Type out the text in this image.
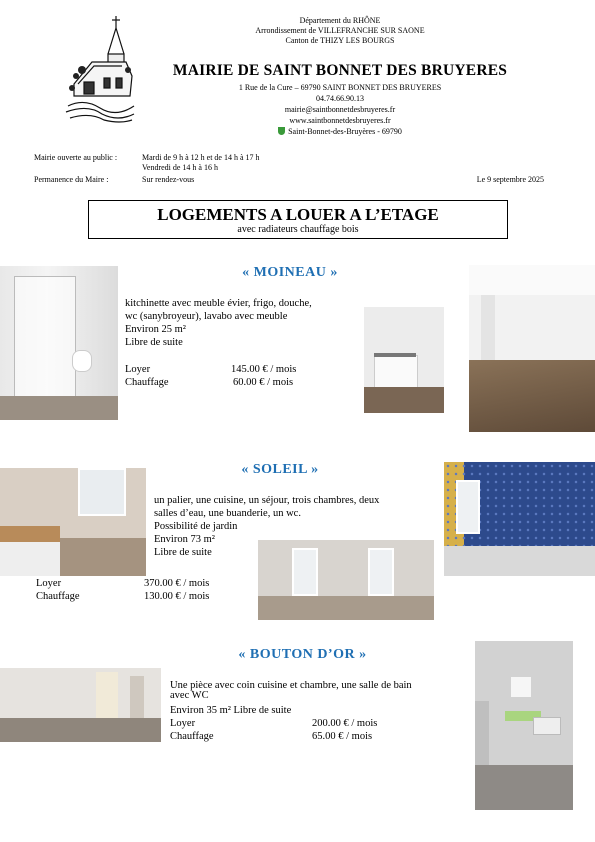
Département du RHÔNE
Arrondissement de VILLEFRANCHE SUR SAONE
Canton de THIZY LES BOURGS
MAIRIE DE SAINT BONNET DES BRUYERES
1 Rue de la Cure – 69790 SAINT BONNET DES BRUYERES
04.74.66.90.13
mairie@saintbonnetdesbruyeres.fr
www.saintbonnetdesbruyeres.fr
Saint-Bonnet-des-Bruyères - 69790
Mairie ouverte au public :	Mardi de 9 h à 12 h et de 14 h à 17 h
Vendredi de 14 h à 16 h
Permanence du Maire :	Sur rendez-vous	Le 9 septembre 2025
LOGEMENTS A LOUER A L’ETAGE
avec radiateurs chauffage bois
« MOINEAU »
kitchinette avec meuble évier, frigo, douche,
wc (sanybroyeur), lavabo avec meuble
Environ 25 m²
Libre de suite
Loyer	145.00 € / mois
Chauffage	60.00 € / mois
« SOLEIL »
un palier, une cuisine, un séjour, trois chambres, deux
salles d’eau, une buanderie, un wc.
Possibilité de jardin
Environ 73 m²
Libre de suite
Loyer	370.00 € / mois
Chauffage	130.00 € / mois
« BOUTON D’OR »
Une pièce avec coin cuisine et chambre, une salle de bain
avec WC
Environ 35 m² Libre de suite
Loyer	200.00 € / mois
Chauffage	65.00 € / mois
